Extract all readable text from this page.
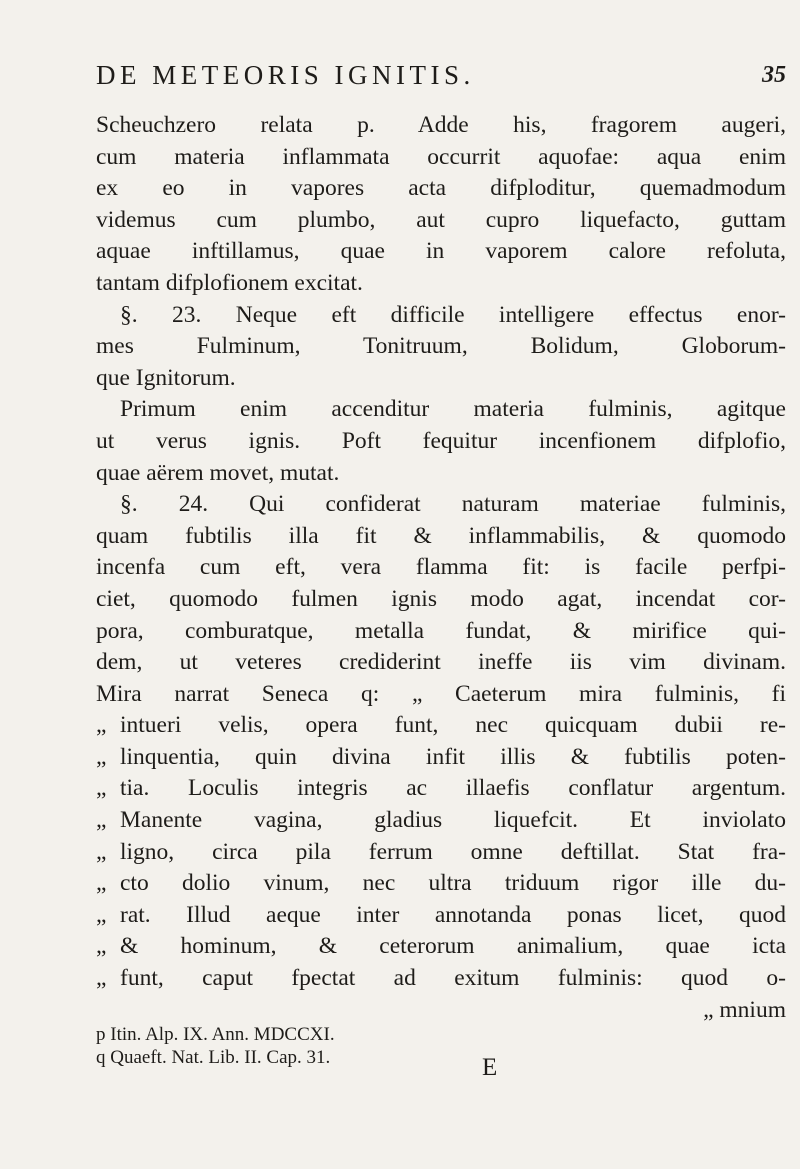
DE METEORIS IGNITIS.	35
Scheuchzero relata p. Adde his, fragorem augeri,
cum materia inflammata occurrit aquofae: aqua enim
ex eo in vapores acta difploditur, quemadmodum
videmus cum plumbo, aut cupro liquefacto, guttam
aquae inftillamus, quae in vaporem calore refoluta,
tantam difplofionem excitat.
§. 23. Neque eft difficile intelligere effectus enor-
mes Fulminum, Tonitruum, Bolidum, Globorum-
que Ignitorum.
Primum enim accenditur materia fulminis, agitque
ut verus ignis. Poft fequitur incenfionem difplofio,
quae aërem movet, mutat.
§. 24. Qui confiderat naturam materiae fulminis,
quam fubtilis illa fit & inflammabilis, & quomodo
incenfa cum eft, vera flamma fit: is facile perfpi-
ciet, quomodo fulmen ignis modo agat, incendat cor-
pora, comburatque, metalla fundat, & mirifice qui-
dem, ut veteres crediderint ineffe iis vim divinam.
Mira narrat Seneca q: „ Caeterum mira fulminis, fi
„ intueri velis, opera funt, nec quicquam dubii re-
„ linquentia, quin divina infit illis & fubtilis poten-
„ tia. Loculis integris ac illaefis conflatur argentum.
„ Manente vagina, gladius liquefcit. Et inviolato
„ ligno, circa pila ferrum omne deftillat. Stat fra-
„ cto dolio vinum, nec ultra triduum rigor ille du-
„ rat. Illud aeque inter annotanda ponas licet, quod
„ & hominum, & ceterorum animalium, quae icta
„ funt, caput fpectat ad exitum fulminis: quod o-
„ mnium
p Itin. Alp. IX. Ann. MDCCXI.
q Quaeft. Nat. Lib. II. Cap. 31.	E
